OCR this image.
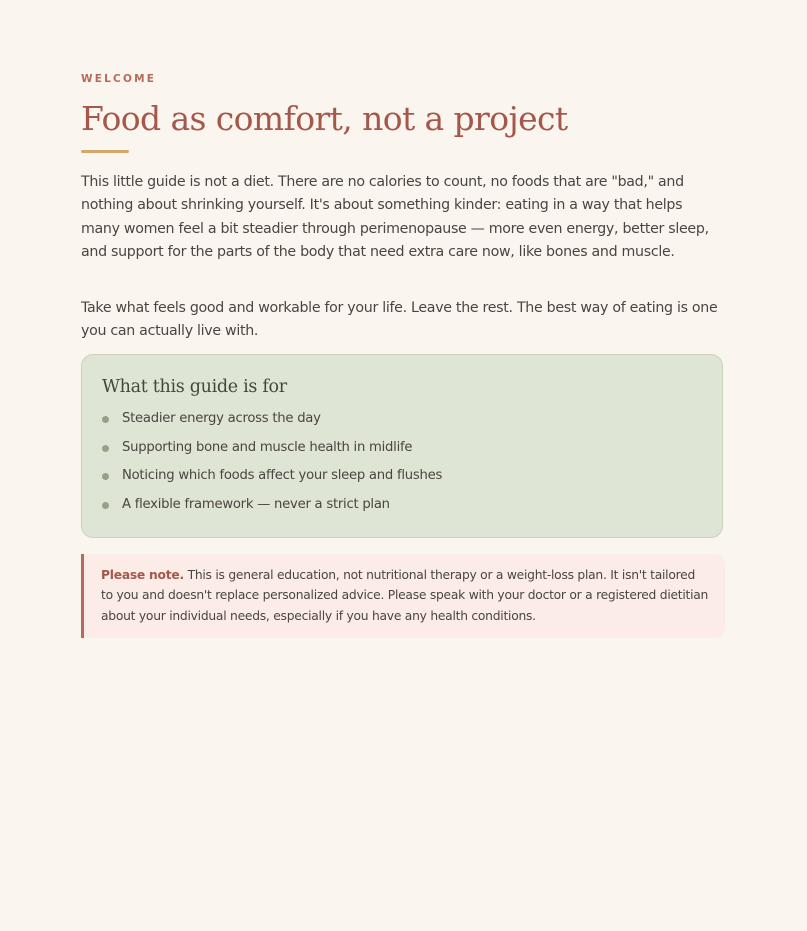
WELCOME

Food as comfort, not a project

This little guide is not a diet. There are no calories to count, no foods that are "bad," and nothing about shrinking yourself. It's about something kinder: eating in a way that helps many women feel a bit steadier through perimenopause — more even energy, better sleep, and support for the parts of the body that need extra care now, like bones and muscle.

Take what feels good and workable for your life. Leave the rest. The best way of eating is one you can actually live with.

What this guide is for
Steadier energy across the day
Supporting bone and muscle health in midlife
Noticing which foods affect your sleep and flushes
A flexible framework — never a strict plan

Please note. This is general education, not nutritional therapy or a weight-loss plan. It isn't tailored to you and doesn't replace personalized advice. Please speak with your doctor or a registered dietitian about your individual needs, especially if you have any health conditions.
